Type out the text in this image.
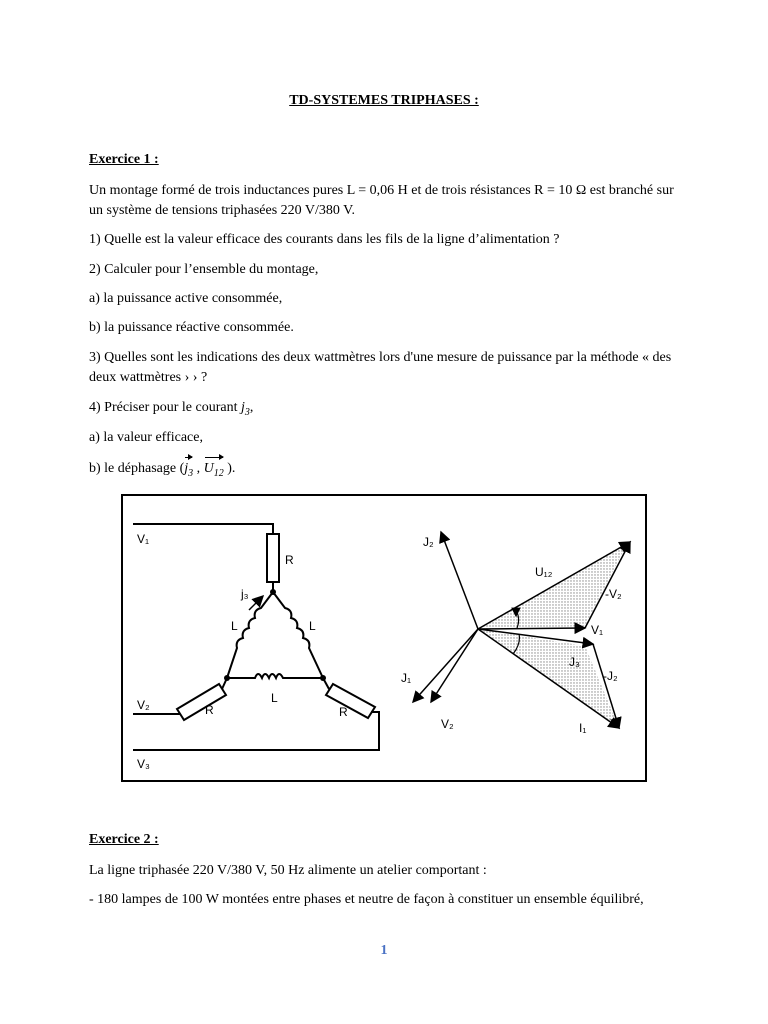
TD-SYSTEMES TRIPHASES :
Exercice 1 :
Un montage formé de trois inductances pures L = 0,06 H et de trois résistances R = 10 Ω est branché sur un système de tensions triphasées 220 V/380 V.
1) Quelle est la valeur efficace des courants dans les fils de la ligne d’alimentation ?
2) Calculer pour l’ensemble du montage,
a) la puissance active consommée,
b) la puissance réactive consommée.
3) Quelles sont les indications des deux wattmètres lors d'une mesure de puissance par la méthode « des deux wattmètres › › ?
4) Préciser pour le courant $j_3$,
a) la valeur efficace,
b) le déphasage ($j_3$ , $U_{12}$ ).
V₁
V₂
V₃
R
R	R
L	L
L
j₃
J₂
U₁₂
-V₂
V₁
J₃
-J₂
I₁
J₁
V₂
Exercice 2 :
La ligne triphasée 220 V/380 V, 50 Hz alimente un atelier comportant :
- 180 lampes de 100 W montées entre phases et neutre de façon à constituer un ensemble équilibré,
1
